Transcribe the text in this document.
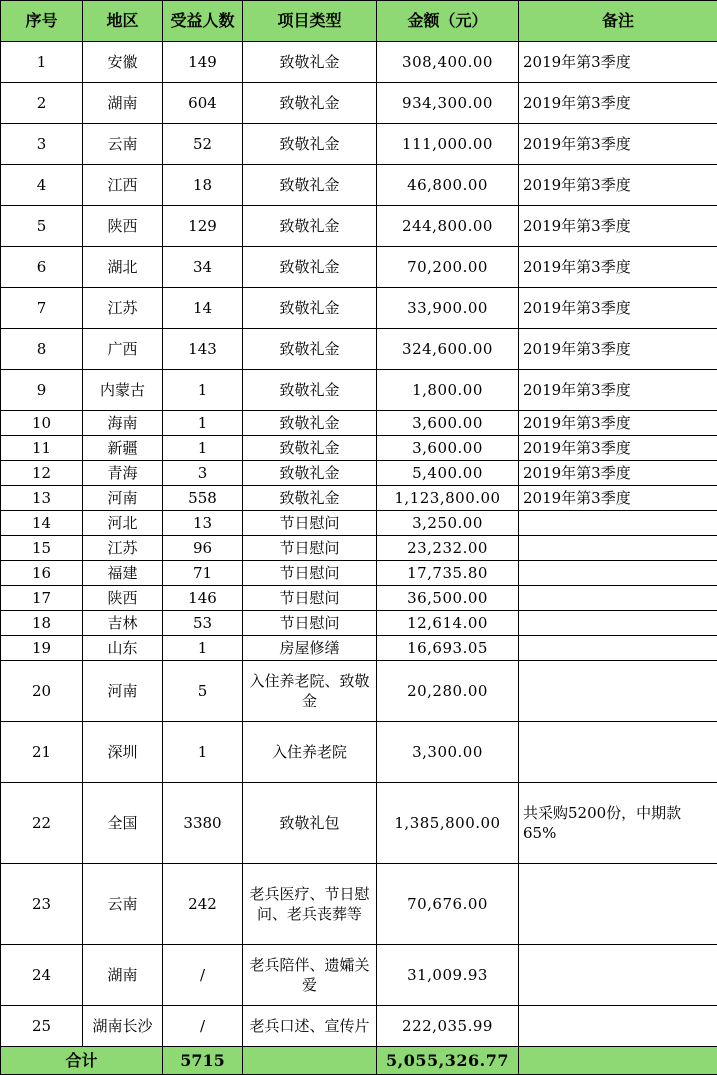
序号	地区	受益人数	项目类型	金额（元）	备注
1	安徽	149	致敬礼金	308,400.00	2019年第3季度
2	湖南	604	致敬礼金	934,300.00	2019年第3季度
3	云南	52	致敬礼金	111,000.00	2019年第3季度
4	江西	18	致敬礼金	46,800.00	2019年第3季度
5	陕西	129	致敬礼金	244,800.00	2019年第3季度
6	湖北	34	致敬礼金	70,200.00	2019年第3季度
7	江苏	14	致敬礼金	33,900.00	2019年第3季度
8	广西	143	致敬礼金	324,600.00	2019年第3季度
9	内蒙古	1	致敬礼金	1,800.00	2019年第3季度
10	海南	1	致敬礼金	3,600.00	2019年第3季度
11	新疆	1	致敬礼金	3,600.00	2019年第3季度
12	青海	3	致敬礼金	5,400.00	2019年第3季度
13	河南	558	致敬礼金	1,123,800.00	2019年第3季度
14	河北	13	节日慰问	3,250.00	
15	江苏	96	节日慰问	23,232.00	
16	福建	71	节日慰问	17,735.80	
17	陕西	146	节日慰问	36,500.00	
18	吉林	53	节日慰问	12,614.00	
19	山东	1	房屋修缮	16,693.05	
20	河南	5	入住养老院、致敬金	20,280.00	
21	深圳	1	入住养老院	3,300.00	
22	全国	3380	致敬礼包	1,385,800.00	共采购5200份，中期款65%
23	云南	242	老兵医疗、节日慰问、老兵丧葬等	70,676.00	
24	湖南	/	老兵陪伴、遗孀关爱	31,009.93	
25	湖南长沙	/	老兵口述、宣传片	222,035.99	
合计		5715		5,055,326.77	
